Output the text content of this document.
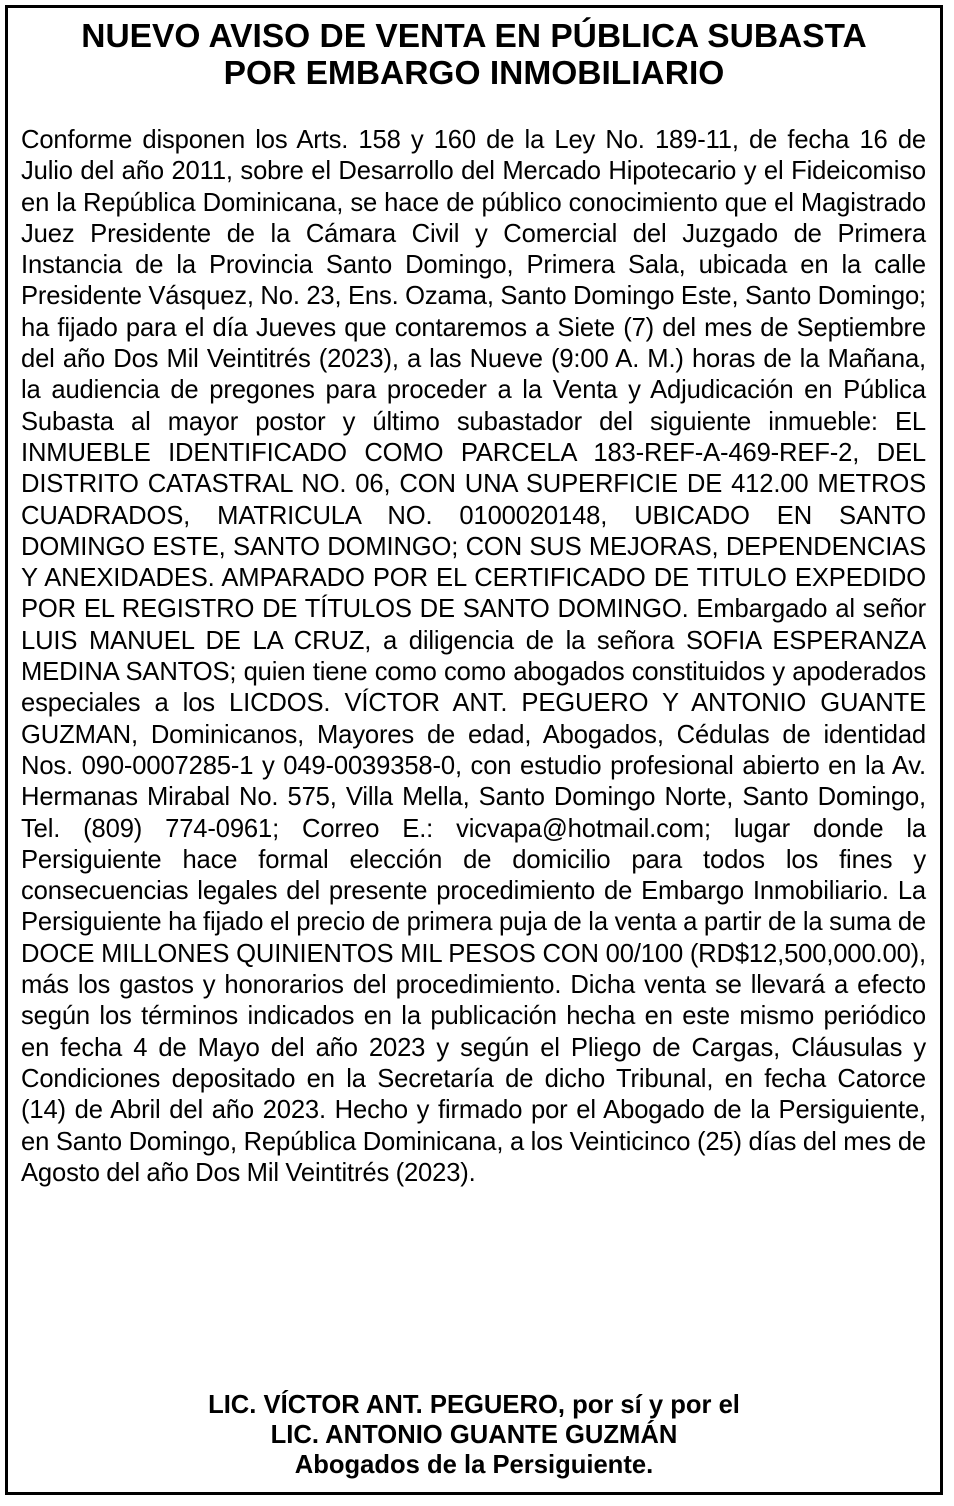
NUEVO AVISO DE VENTA EN PÚBLICA SUBASTA
POR EMBARGO INMOBILIARIO
Conforme disponen los Arts. 158 y 160 de la Ley No. 189-11, de fecha 16 de Julio del año 2011, sobre el Desarrollo del Mercado Hipotecario y el Fideicomiso en la República Dominicana, se hace de público conocimiento que el Magistrado Juez Presidente de la Cámara Civil y Comercial del Juzgado de Primera Instancia de la Provincia Santo Domingo, Primera Sala, ubicada en la calle Presidente Vásquez, No. 23, Ens. Ozama, Santo Domingo Este, Santo Domingo; ha fijado para el día Jueves que contaremos a Siete (7) del mes de Septiembre del año Dos Mil Veintitrés (2023), a las Nueve (9:00 A. M.) horas de la Mañana, la audiencia de pregones para proceder a la Venta y Adjudicación en Pública Subasta al mayor postor y último subastador del siguiente inmueble: EL INMUEBLE IDENTIFICADO COMO PARCELA 183-REF-A-469-REF-2, DEL DISTRITO CATASTRAL NO. 06, CON UNA SUPERFICIE DE 412.00 METROS CUADRADOS, MATRICULA NO. 0100020148, UBICADO EN SANTO DOMINGO ESTE, SANTO DOMINGO; CON SUS MEJORAS, DEPENDENCIAS Y ANEXIDADES. AMPARADO POR EL CERTIFICADO DE TITULO EXPEDIDO POR EL REGISTRO DE TÍTULOS DE SANTO DOMINGO. Embargado al señor LUIS MANUEL DE LA CRUZ, a diligencia de la señora SOFIA ESPERANZA MEDINA SANTOS; quien tiene como como abogados constituidos y apoderados especiales a los LICDOS. VÍCTOR ANT. PEGUERO Y ANTONIO GUANTE GUZMAN, Dominicanos, Mayores de edad, Abogados, Cédulas de identidad Nos. 090-0007285-1 y 049-0039358-0, con estudio profesional abierto en la Av. Hermanas Mirabal No. 575, Villa Mella, Santo Domingo Norte, Santo Domingo, Tel. (809) 774-0961; Correo E.: vicvapa@hotmail.com; lugar donde la Persiguiente hace formal elección de domicilio para todos los fines y consecuencias legales del presente procedimiento de Embargo Inmobiliario. La Persiguiente ha fijado el precio de primera puja de la venta a partir de la suma de DOCE MILLONES QUINIENTOS MIL PESOS CON 00/100 (RD$12,500,000.00), más los gastos y honorarios del procedimiento. Dicha venta se llevará a efecto según los términos indicados en la publicación hecha en este mismo periódico en fecha 4 de Mayo del año 2023 y según el Pliego de Cargas, Cláusulas y Condiciones depositado en la Secretaría de dicho Tribunal, en fecha Catorce (14) de Abril del año 2023. Hecho y firmado por el Abogado de la Persiguiente, en Santo Domingo, República Dominicana, a los Veinticinco (25) días del mes de Agosto del año Dos Mil Veintitrés (2023).
LIC. VÍCTOR ANT. PEGUERO, por sí y por el
LIC. ANTONIO GUANTE GUZMÁN
Abogados de la Persiguiente.
